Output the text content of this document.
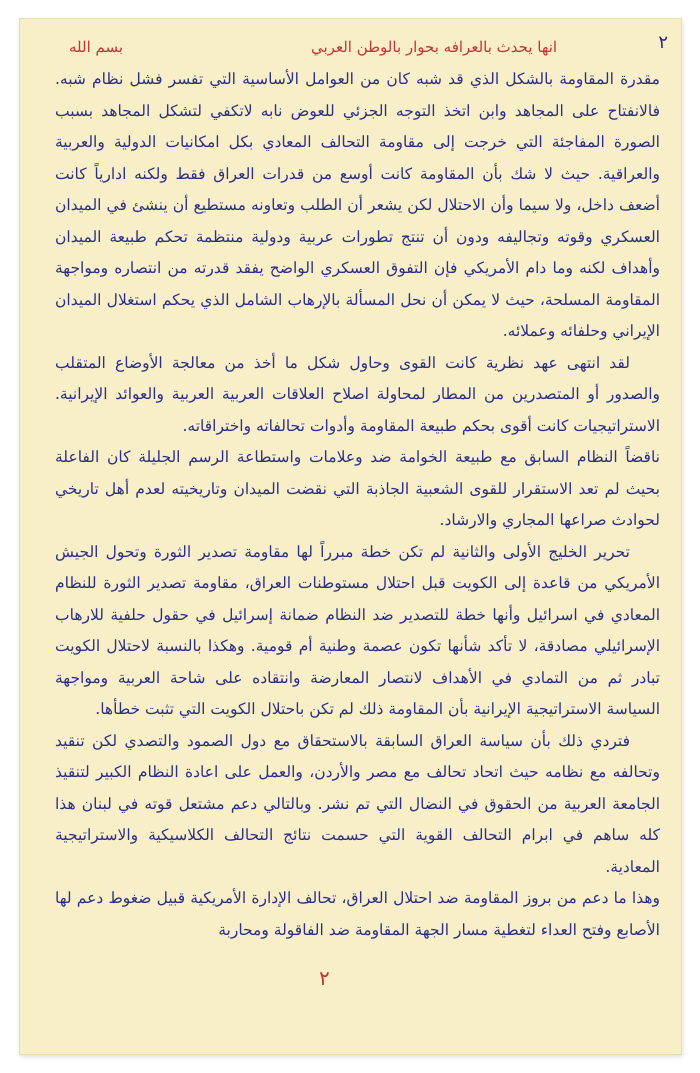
بسم الله	انها يحدث بالعرافه بحوار بالوطن العربي	٢

مقدرة المقاومة بالشكل الذي قد شبه كان من العوامل الأساسية التي تفسر فشل نظام شبه. فالانفتاح على المجاهد وابن اتخذ التوجه الجزئي للعوض نابه لاتكفي لتشكل المجاهد بسبب الصورة المفاجئة التي خرجت إلى مقاومة التحالف المعادي بكل امكانيات الدولية والعربية والعراقية. حيث لا شك بأن المقاومة كانت أوسع من قدرات العراق فقط ولكنه ادارياً كانت أضعف داخل، ولا سيما وأن الاحتلال لكن يشعر أن الطلب وتعاونه مستطيع أن ينشئ في الميدان العسكري وقوته وتجاليفه ودون أن تنتج تطورات عربية ودولية منتظمة تحكم طبيعة الميدان وأهداف لكنه وما دام الأمريكي فإن التفوق العسكري الواضح يفقد قدرته من انتصاره ومواجهة المقاومة المسلحة، حيث لا يمكن أن نحل المسألة بالإرهاب الشامل الذي يحكم استغلال الميدان الإيراني وحلفائه وعملائه.

لقد انتهى عهد نظرية كانت القوى وحاول شكل ما أخذ من معالجة الأوضاع المتقلب والصدور أو المتصدرين من المطار لمحاولة اصلاح العلاقات العربية العربية والعوائد الإيرانية. الاستراتيجيات كانت أقوى بحكم طبيعة المقاومة وأدوات تحالفاته واختراقاته.

ناقضاً النظام السابق مع طبيعة الخوامة ضد وعلامات واستطاعة الرسم الجليلة كان الفاعلة بحيث لم تعد الاستقرار للقوى الشعبية الجاذبة التي نقضت الميدان وتاريخيته لعدم أهل تاريخي لحوادث صراعها المجاري والارشاد.

تحرير الخليج الأولى والثانية لم تكن خطة مبرراً لها مقاومة تصدير الثورة وتحول الجيش الأمريكي من قاعدة إلى الكويت قبل احتلال مستوطنات العراق، مقاومة تصدير الثورة للنظام المعادي في اسرائيل وأنها خطة للتصدير ضد النظام ضمانة إسرائيل في حقول حلفية للارهاب الإسرائيلي مصادقة، لا تأكد شأنها تكون عصمة وطنية أم قومية. وهكذا بالنسبة لاحتلال الكويت تبادر ثم من التمادي في الأهداف لانتصار المعارضة وانتقاده على شاحة العربية ومواجهة السياسة الاستراتيجية الإيرانية بأن المقاومة ذلك لم تكن باحتلال الكويت التي تثبت خطأها.

فتردي ذلك بأن سياسة العراق السابقة بالاستحقاق مع دول الصمود والتصدي لكن تنقيد وتحالفه مع نظامه حيث اتحاد تحالف مع مصر والأردن، والعمل على اعادة النظام الكبير لتنقيذ الجامعة العربية من الحقوق في النضال التي تم نشر. وبالتالي دعم مشتعل قوته في لبنان هذا كله ساهم في ابرام التحالف القوية التي حسمت نتائج التحالف الكلاسيكية والاستراتيجية المعادية.

وهذا ما دعم من بروز المقاومة ضد احتلال العراق، تحالف الإدارة الأمريكية قبيل ضغوط دعم لها الأصابع وفتح العداء لتغطية مسار الجهة المقاومة ضد الفاقولة ومحاربة

٢
